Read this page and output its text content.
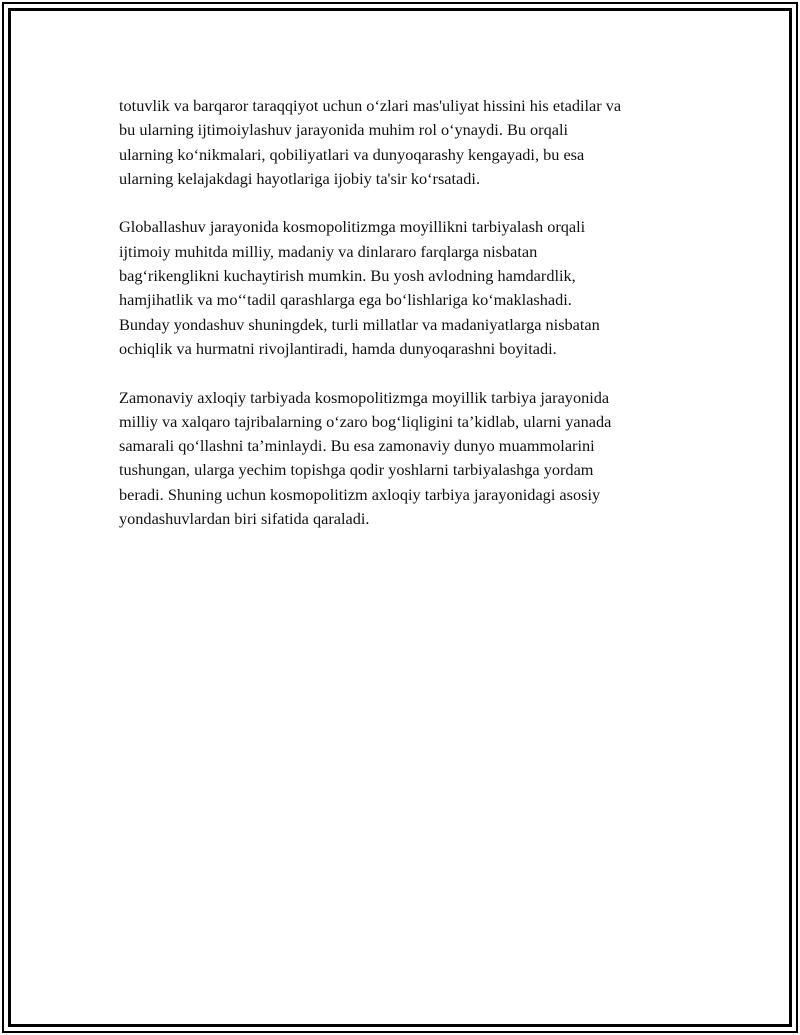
totuvlik va barqaror taraqqiyot uchun o‘zlari mas'uliyat hissini his etadilar va
bu ularning ijtimoiylashuv jarayonida muhim rol o‘ynaydi. Bu orqali
ularning ko‘nikmalari, qobiliyatlari va dunyoqarashy kengayadi, bu esa
ularning kelajakdagi hayotlariga ijobiy ta'sir ko‘rsatadi.
Globallashuv jarayonida kosmopolitizmga moyillikni tarbiyalash orqali
ijtimoiy muhitda milliy, madaniy va dinlararo farqlarga nisbatan
bag‘rikenglikni kuchaytirish mumkin. Bu yosh avlodning hamdardlik,
hamjihatlik va mo‘‘tadil qarashlarga ega bo‘lishlariga ko‘maklashadi.
Bunday yondashuv shuningdek, turli millatlar va madaniyatlarga nisbatan
ochiqlik va hurmatni rivojlantiradi, hamda dunyoqarashni boyitadi.
Zamonaviy axloqiy tarbiyada kosmopolitizmga moyillik tarbiya jarayonida
milliy va xalqaro tajribalarning o‘zaro bog‘liqligini ta’kidlab, ularni yanada
samarali qo‘llashni ta’minlaydi. Bu esa zamonaviy dunyo muammolarini
tushungan, ularga yechim topishga qodir yoshlarni tarbiyalashga yordam
beradi. Shuning uchun kosmopolitizm axloqiy tarbiya jarayonidagi asosiy
yondashuvlardan biri sifatida qaraladi.
